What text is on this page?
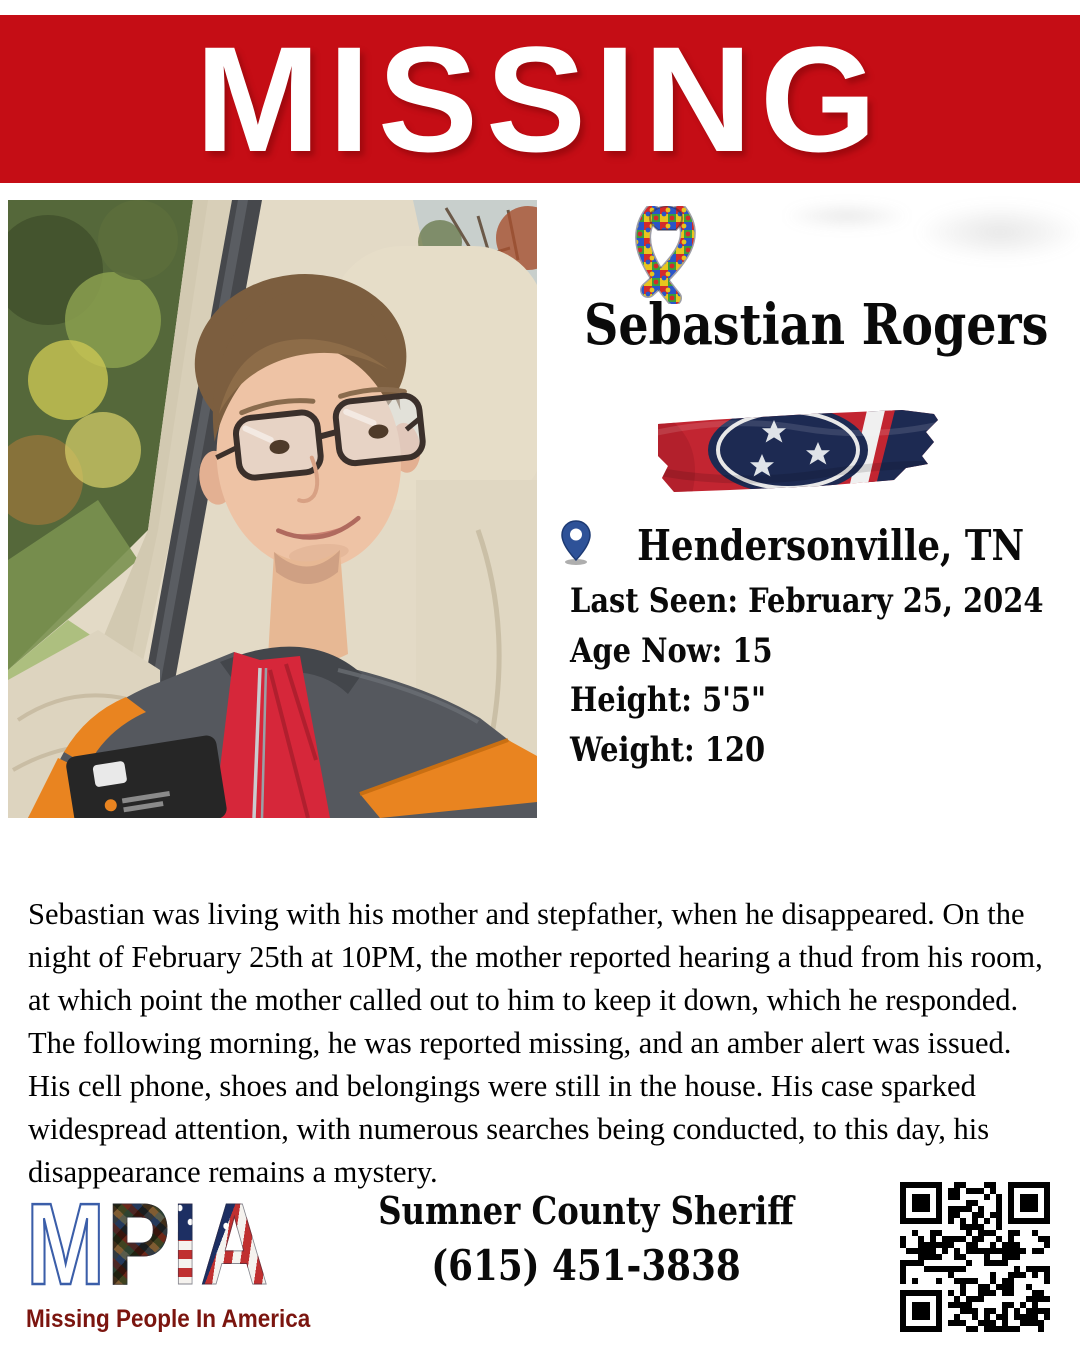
MISSING
Sebastian Rogers
Hendersonville, TN

Last Seen: February 25, 2024

Age Now: 15

Height: 5'5"

Weight: 120

Sebastian was living with his mother and stepfather, when he disappeared. On the night of February 25th at 10PM, the mother reported hearing a thud from his room, at which point the mother called out to him to keep it down, which he responded. The following morning, he was reported missing, and an amber alert was issued. His cell phone, shoes and belongings were still in the house. His case sparked widespread attention, with numerous searches being conducted, to this day, his disappearance remains a mystery.

M P I A
Missing People In America

Sumner County Sheriff

(615) 451-3838
